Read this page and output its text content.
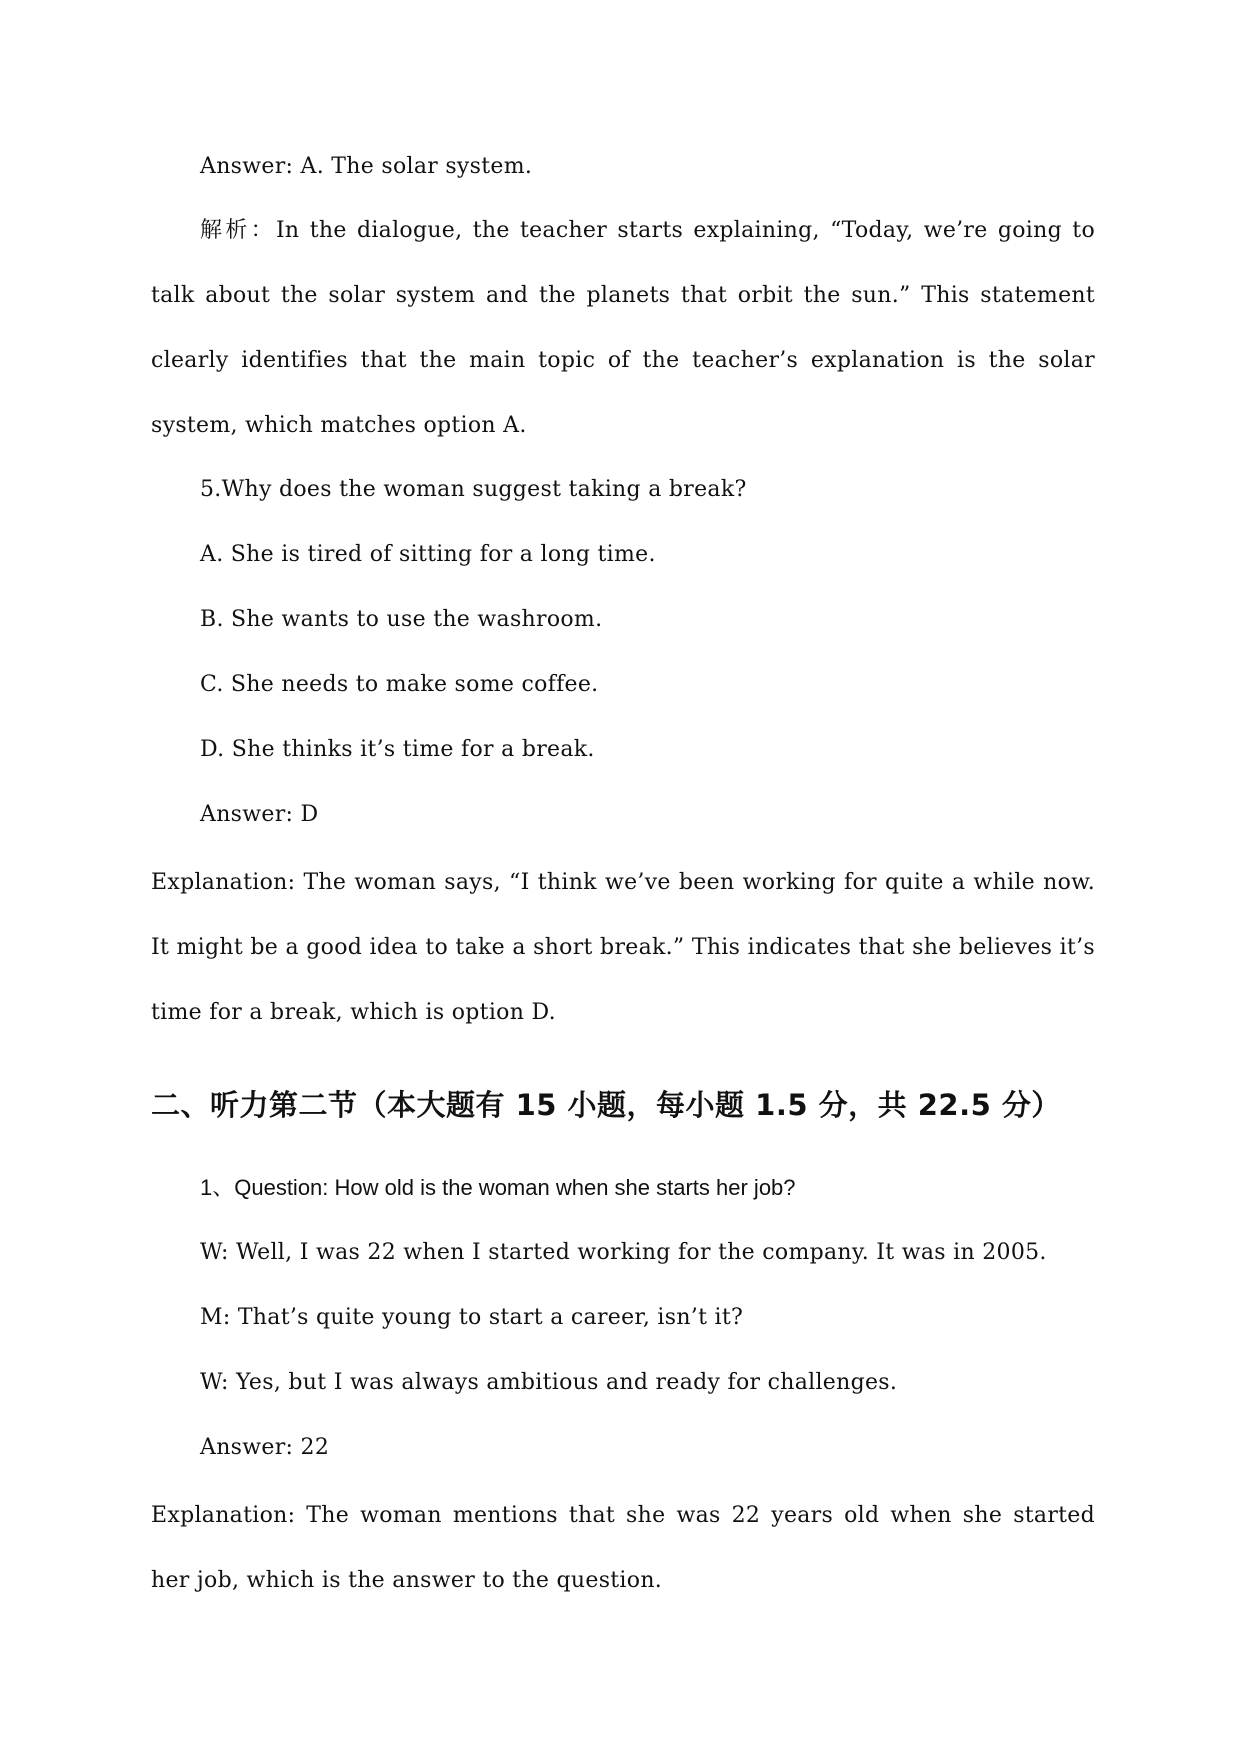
Answer: A. The solar system.
解析：In the dialogue, the teacher starts explaining, “Today, we’re going to talk about the solar system and the planets that orbit the sun.” This statement clearly identifies that the main topic of the teacher’s explanation is the solar system, which matches option A.
5.Why does the woman suggest taking a break?
A. She is tired of sitting for a long time.
B. She wants to use the washroom.
C. She needs to make some coffee.
D. She thinks it’s time for a break.
Answer: D
Explanation: The woman says, “I think we’ve been working for quite a while now. It might be a good idea to take a short break.” This indicates that she believes it’s time for a break, which is option D.
二、听力第二节（本大题有 15 小题，每小题 1.5 分，共 22.5 分）
1、Question: How old is the woman when she starts her job?
W: Well, I was 22 when I started working for the company. It was in 2005.
M: That’s quite young to start a career, isn’t it?
W: Yes, but I was always ambitious and ready for challenges.
Answer: 22
Explanation: The woman mentions that she was 22 years old when she started her job, which is the answer to the question.
